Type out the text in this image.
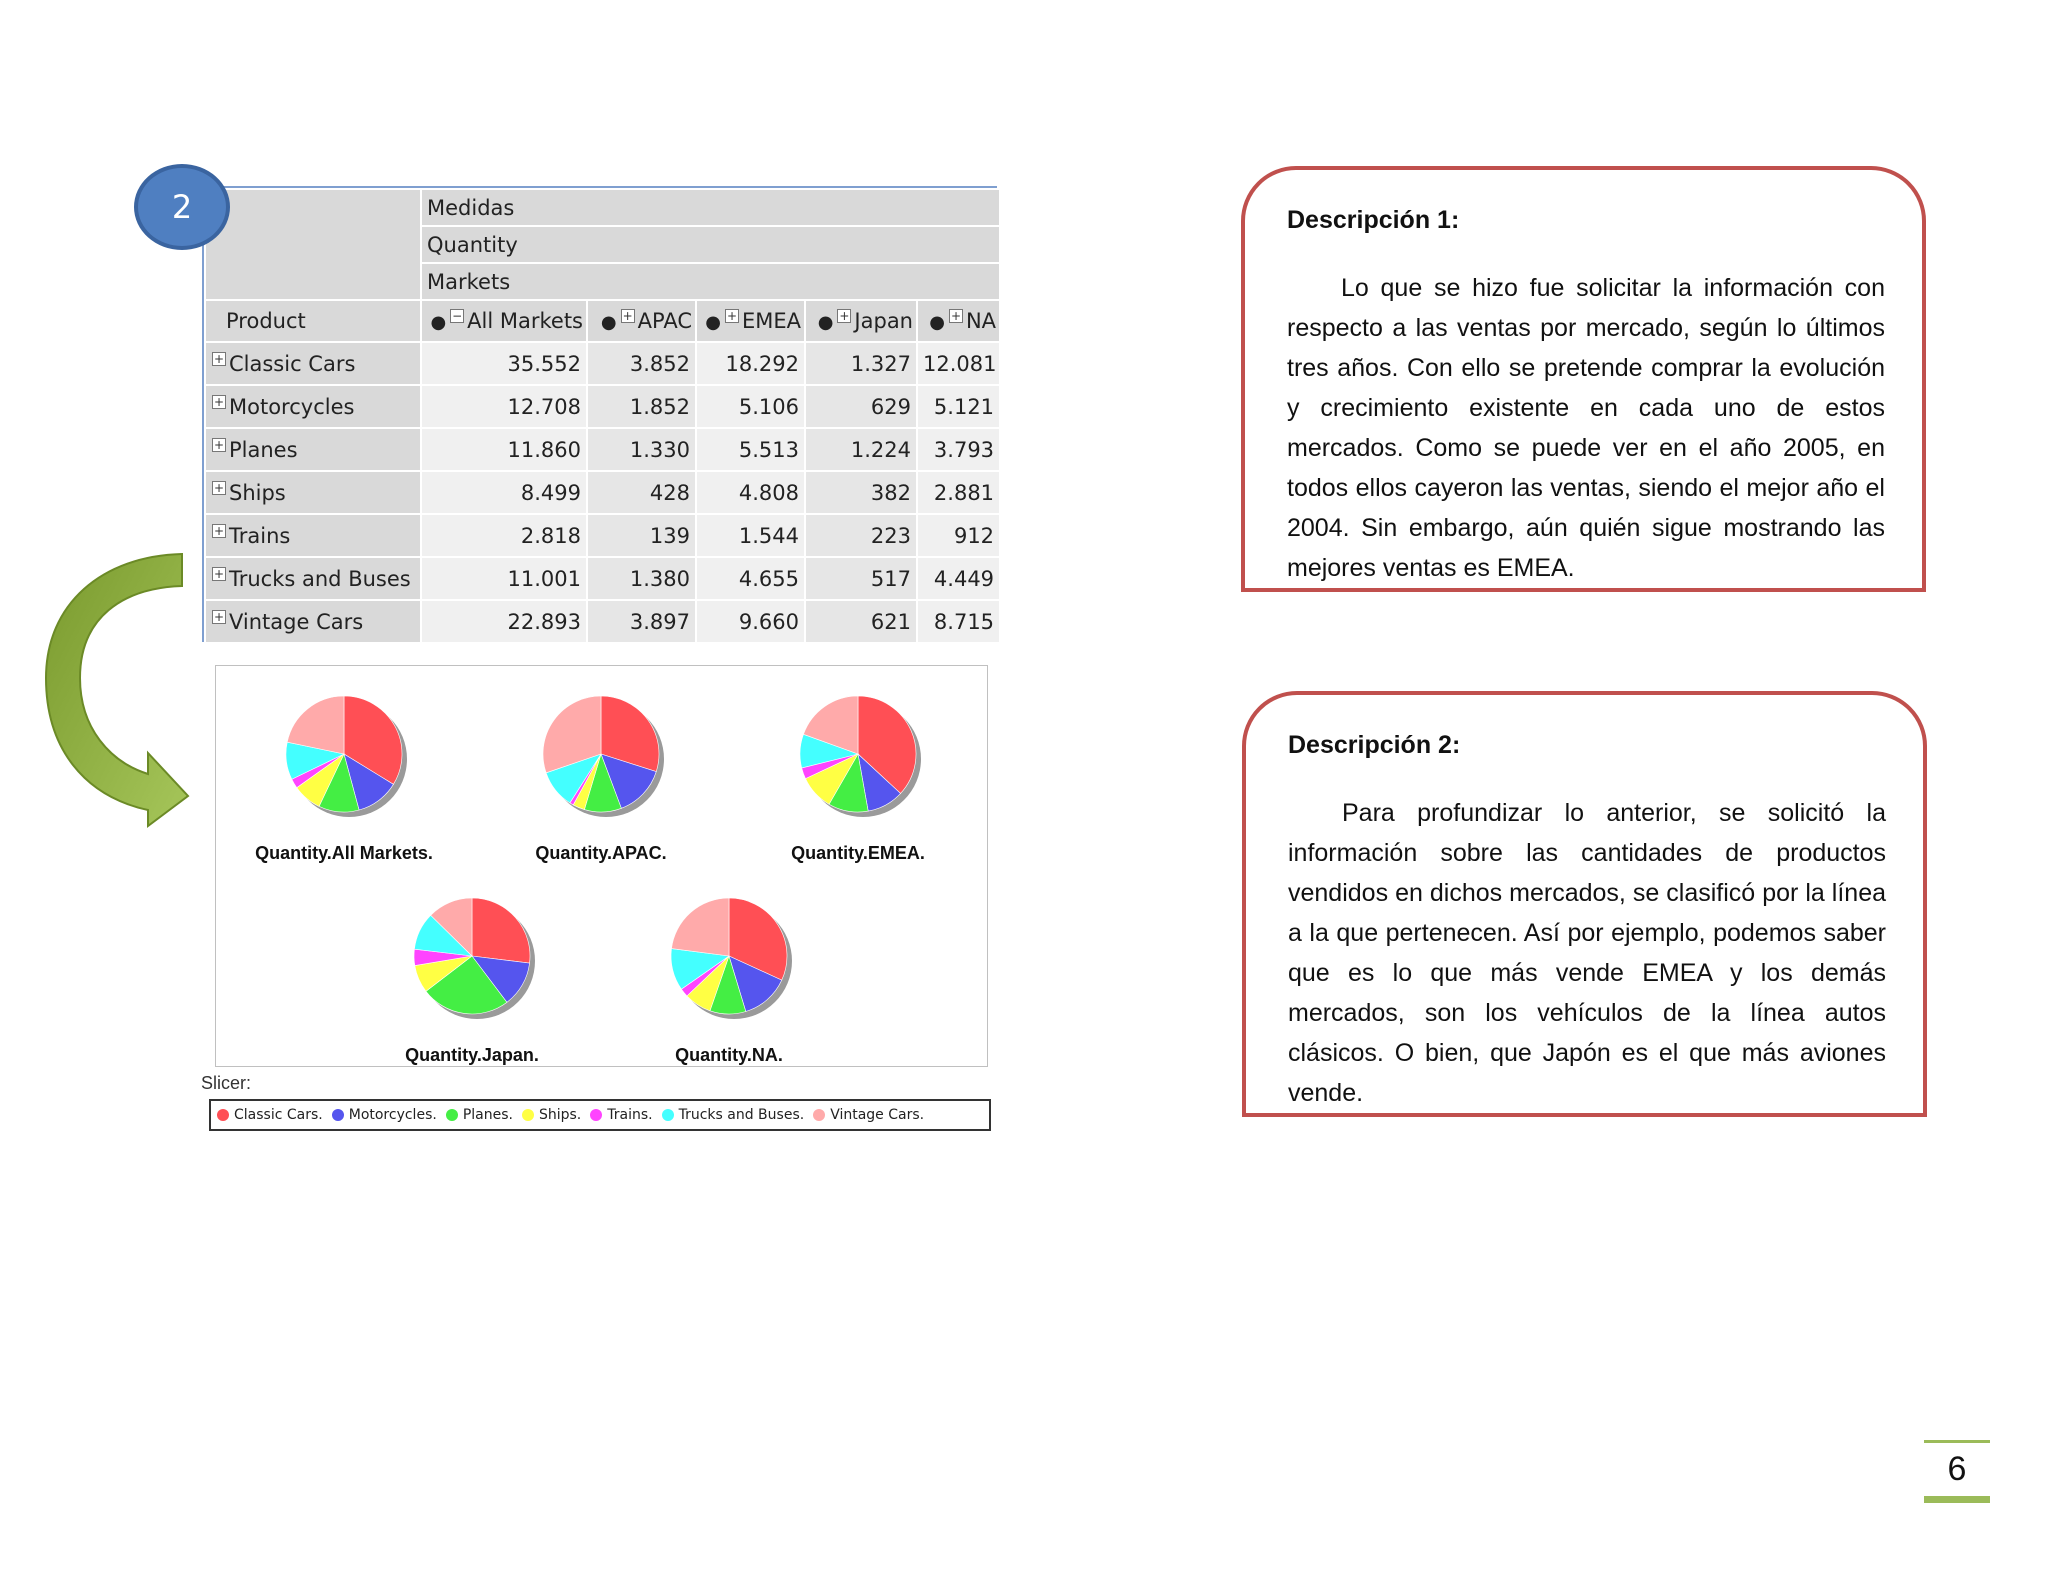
2
		Medidas				
	Quantity				
	Markets				
Product	● − All Markets	● + APAC	● + EMEA	● + Japan	● + NA
+ Classic Cars	35.552	3.852	18.292	1.327	12.081
+ Motorcycles	12.708	1.852	5.106	629	5.121
+ Planes	11.860	1.330	5.513	1.224	3.793
+ Ships	8.499	428	4.808	382	2.881
+ Trains	2.818	139	1.544	223	912
+ Trucks and Buses	11.001	1.380	4.655	517	4.449
+ Vintage Cars	22.893	3.897	9.660	621	8.715
Quantity.All Markets.	Quantity.APAC.	Quantity.EMEA.
Quantity.Japan.	Quantity.NA.
Slicer:
Classic Cars. Motorcycles. Planes. Ships. Trains. Trucks and Buses. Vintage Cars.
Descripción 1:
Lo que se hizo fue solicitar la información con respecto a las ventas por mercado, según lo últimos tres años. Con ello se pretende comprar la evolución y crecimiento existente en cada uno de estos mercados. Como se puede ver en el año 2005, en todos ellos cayeron las ventas, siendo el mejor año el 2004. Sin embargo, aún quién sigue mostrando las mejores ventas es EMEA.
Descripción 2:
Para profundizar lo anterior, se solicitó la información sobre las cantidades de productos vendidos en dichos mercados, se clasificó por la línea a la que pertenecen. Así por ejemplo, podemos saber que es lo que más vende EMEA y los demás mercados, son los vehículos de la línea autos clásicos. O bien, que Japón es el que más aviones vende.
6
